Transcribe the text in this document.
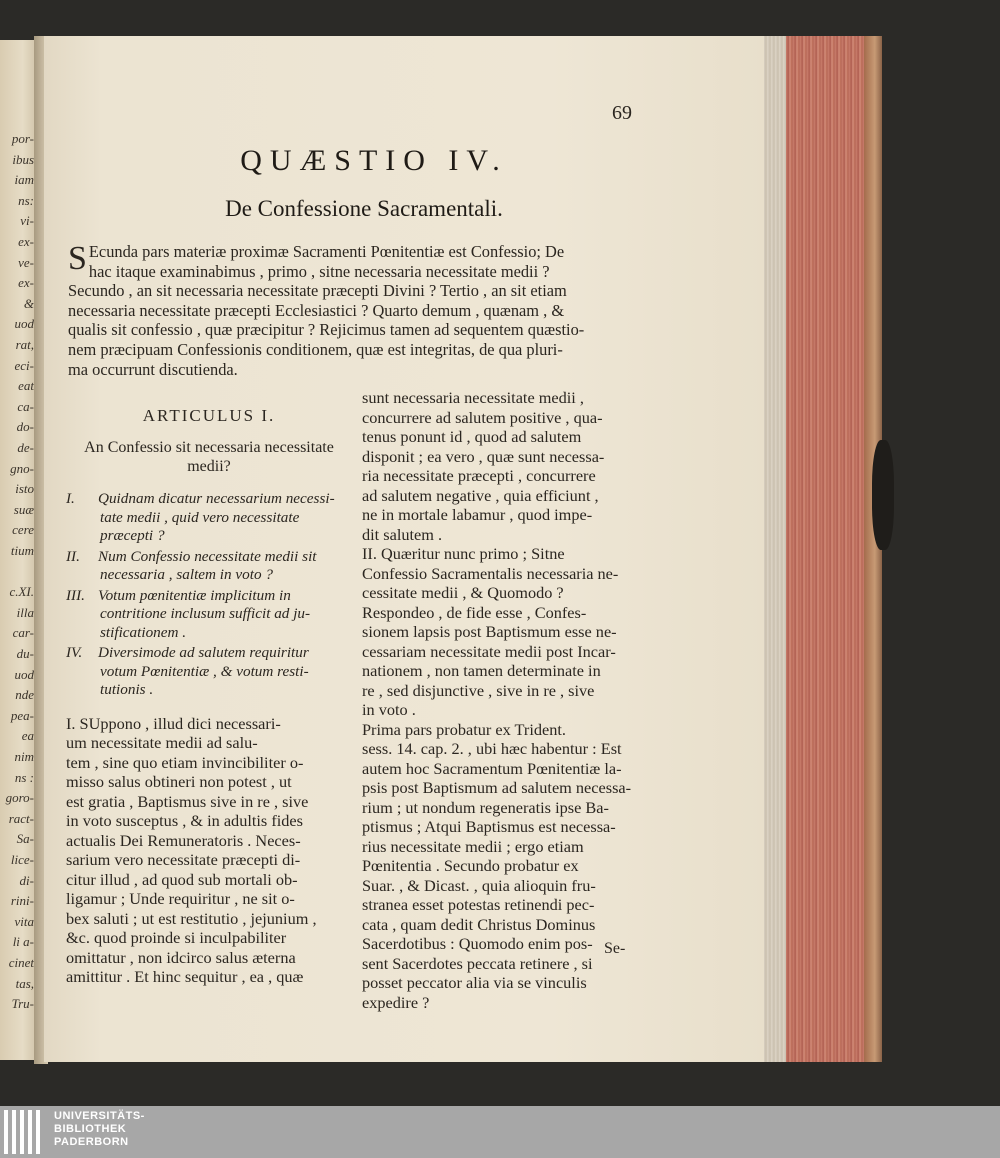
por-
ibus
iam
ns:
vi-
ex-
ve-
ex-
&
uod
rat,
eci-
eat
ca-
do-
de-
gno-
isto
suæ
cere
tium
c.XI.
illa
car-
du-
uod
nde
pea-
ea
nim
ns :
goro-
ract-
Sa-
lice-
di-
rini-
vita
li a-
cinet
tas,
Tru-
69
QUÆSTIO IV.
De Confessione Sacramentali.
S Ecunda pars materiæ proximæ Sacramenti Pœnitentiæ est Confessio; De
hac itaque examinabimus , primo , sitne necessaria necessitate medii ?
Secundo , an sit necessaria necessitate præcepti Divini ? Tertio , an sit etiam
necessaria necessitate præcepti Ecclesiastici ? Quarto demum , quænam , &
qualis sit confessio , quæ præcipitur ? Rejicimus tamen ad sequentem quæstio-
nem præcipuam Confessionis conditionem, quæ est integritas, de qua pluri-
ma occurrunt discutienda.
ARTICULUS I.
An Confessio sit necessaria necessitate
medii?
I. Quidnam dicatur necessarium necessi-
tate medii , quid vero necessitate
præcepti ?
II. Num Confessio necessitate medii sit
necessaria , saltem in voto ?
III. Votum pœnitentiæ implicitum in
contritione inclusum sufficit ad ju-
stificationem .
IV. Diversimode ad salutem requiritur
votum Pœnitentiæ , & votum resti-
tutionis .
I. SUppono , illud dici necessari-
um necessitate medii ad salu-
tem , sine quo etiam invincibiliter o-
misso salus obtineri non potest , ut
est gratia , Baptismus sive in re , sive
in voto susceptus , & in adultis fides
actualis Dei Remuneratoris . Neces-
sarium vero necessitate præcepti di-
citur illud , ad quod sub mortali ob-
ligamur ; Unde requiritur , ne sit o-
bex saluti ; ut est restitutio , jejunium ,
&c. quod proinde si inculpabiliter
omittatur , non idcirco salus æterna
amittitur . Et hinc sequitur , ea , quæ
sunt necessaria necessitate medii ,
concurrere ad salutem positive , qua-
tenus ponunt id , quod ad salutem
disponit ; ea vero , quæ sunt necessa-
ria necessitate præcepti , concurrere
ad salutem negative , quia efficiunt ,
ne in mortale labamur , quod impe-
dit salutem .
II. Quæritur nunc primo ; Sitne
Confessio Sacramentalis necessaria ne-
cessitate medii , & Quomodo ?
Respondeo , de fide esse , Confes-
sionem lapsis post Baptismum esse ne-
cessariam necessitate medii post Incar-
nationem , non tamen determinate in
re , sed disjunctive , sive in re , sive
in voto .
Prima pars probatur ex Trident.
sess. 14. cap. 2. , ubi hæc habentur : Est
autem hoc Sacramentum Pœnitentiæ la-
psis post Baptismum ad salutem necessa-
rium ; ut nondum regeneratis ipse Ba-
ptismus ; Atqui Baptismus est necessa-
rius necessitate medii ; ergo etiam
Pœnitentia . Secundo probatur ex
Suar. , & Dicast. , quia alioquin fru-
stranea esset potestas retinendi pec-
cata , quam dedit Christus Dominus
Sacerdotibus : Quomodo enim pos-
sent Sacerdotes peccata retinere , si
posset peccator alia via se vinculis
expedire ?
Se-
UNIVERSITÄTS-
BIBLIOTHEK
PADERBORN
